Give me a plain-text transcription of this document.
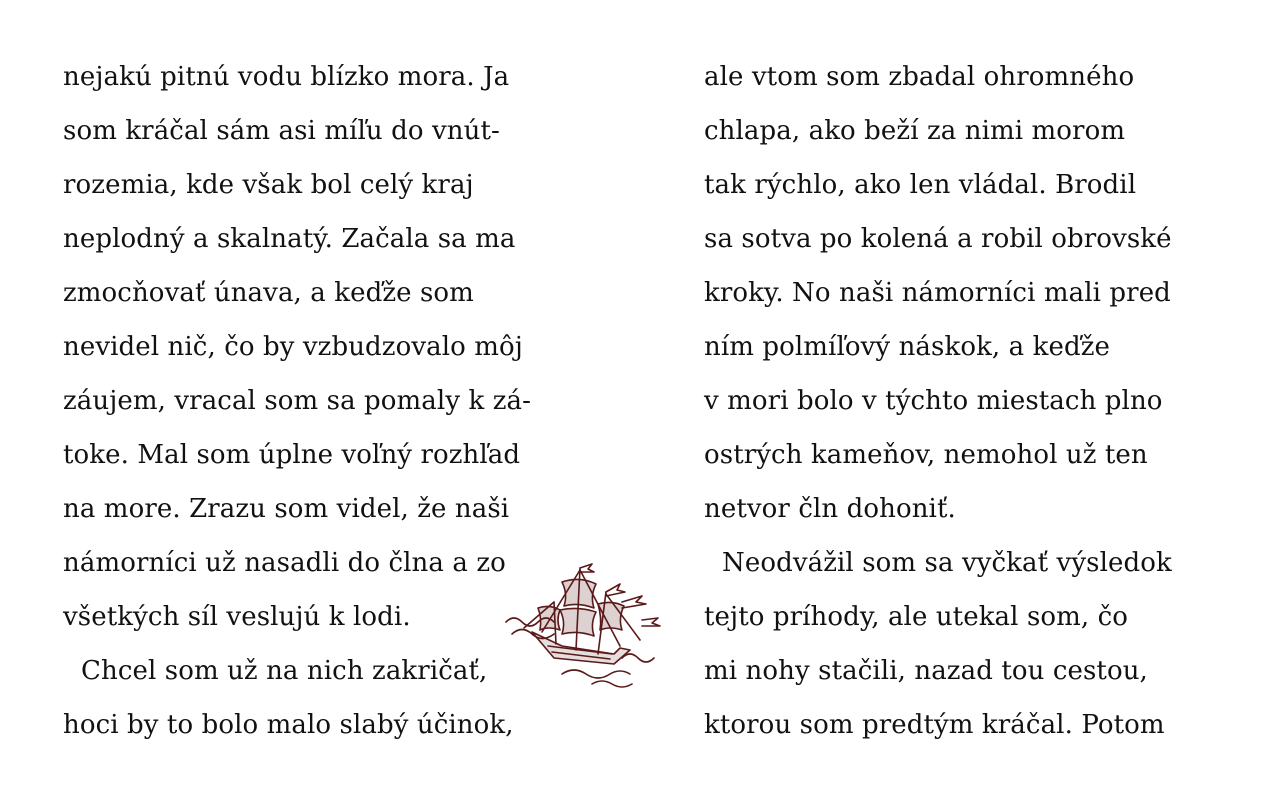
nejakú pitnú vodu blízko mora. Ja
som kráčal sám asi míľu do vnút-
rozemia, kde však bol celý kraj
neplodný a skalnatý. Začala sa ma
zmocňovať únava, a keďže som
nevidel nič, čo by vzbudzovalo môj
záujem, vracal som sa pomaly k zá-
toke. Mal som úplne voľný rozhľad
na more. Zrazu som videl, že naši
námorníci už nasadli do člna a zo
všetkých síl veslujú k lodi.
Chcel som už na nich zakričať,
hoci by to bolo malo slabý účinok,
ale vtom som zbadal ohromného
chlapa, ako beží za nimi morom
tak rýchlo, ako len vládal. Brodil
sa sotva po kolená a robil obrovské
kroky. No naši námorníci mali pred
ním polmíľový náskok, a keďže
v mori bolo v týchto miestach plno
ostrých kameňov, nemohol už ten
netvor čln dohoniť.
Neodvážil som sa vyčkať výsledok
tejto príhody, ale utekal som, čo
mi nohy stačili, nazad tou cestou,
ktorou som predtým kráčal. Potom
